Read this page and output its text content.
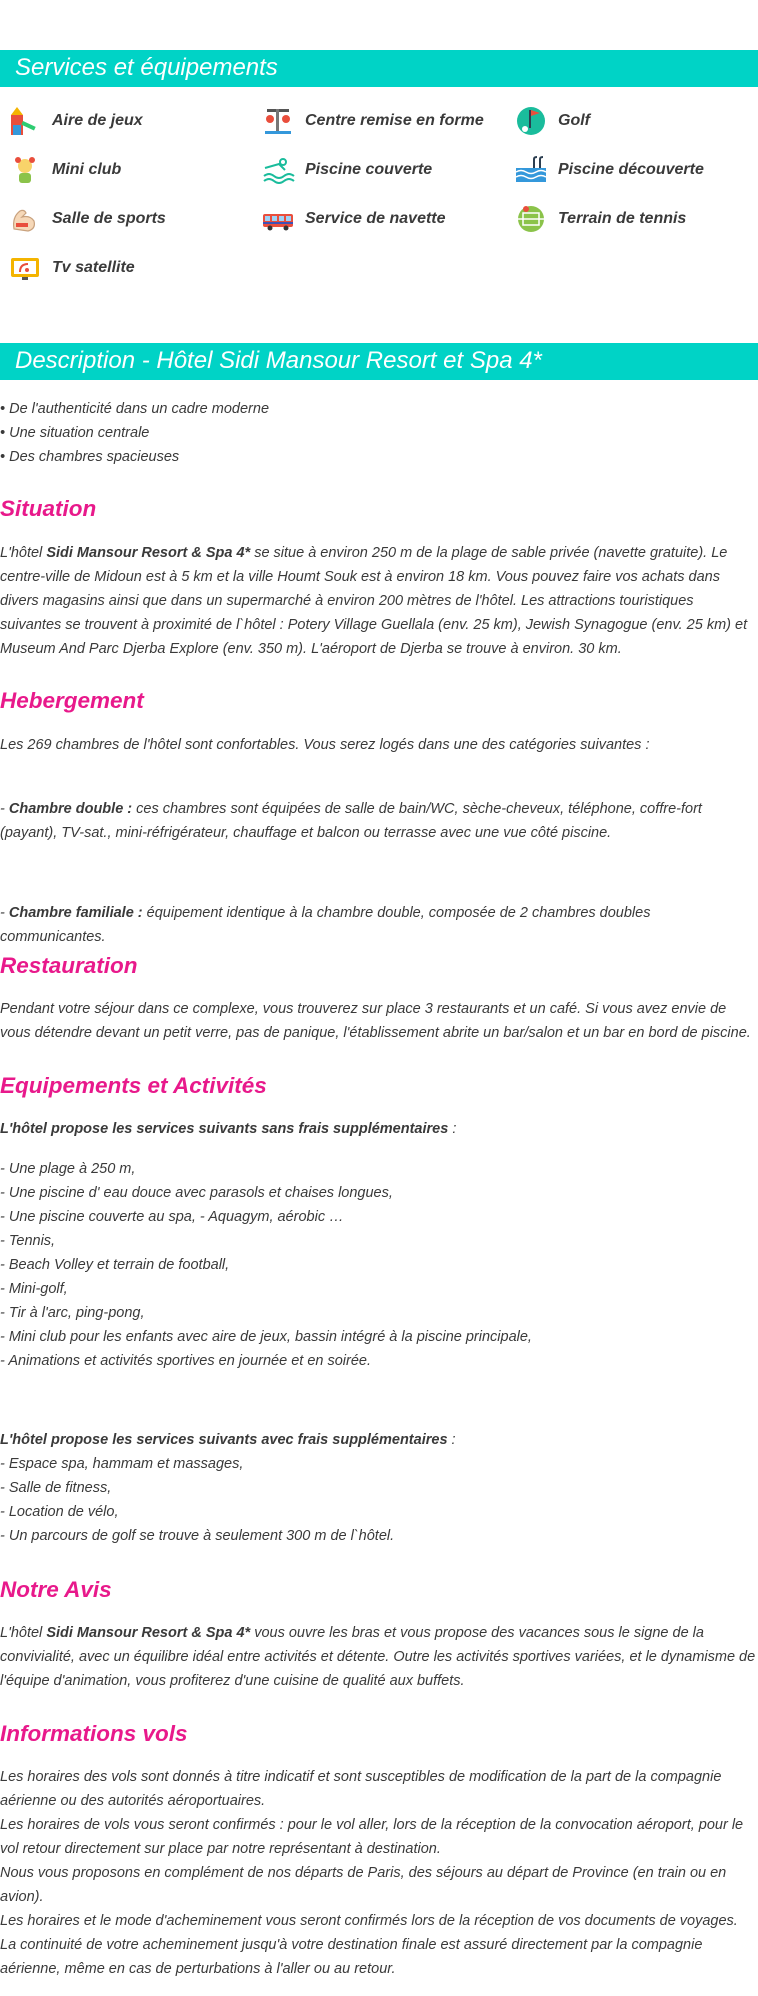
Services et équipements
Aire de jeux	Centre remise en forme	Golf
Mini club	Piscine couverte	Piscine découverte
Salle de sports	Service de navette	Terrain de tennis
Tv satellite
Description - Hôtel Sidi Mansour Resort et Spa 4*

• De l'authenticité dans un cadre moderne

• Une situation centrale

• Des chambres spacieuses

Situation

L'hôtel Sidi Mansour Resort & Spa 4* se situe à environ 250 m de la plage de sable privée (navette gratuite). Le centre-ville de Midoun est à 5 km et la ville Houmt Souk est à environ 18 km. Vous pouvez faire vos achats dans divers magasins ainsi que dans un supermarché à environ 200 mètres de l'hôtel. Les attractions touristiques suivantes se trouvent à proximité de l`hôtel : Potery Village Guellala (env. 25 km), Jewish Synagogue (env. 25 km) et Museum And Parc Djerba Explore (env. 350 m). L'aéroport de Djerba se trouve à environ. 30 km.

Hebergement
Les 269 chambres de l'hôtel sont confortables. Vous serez logés dans une des catégories suivantes :

- Chambre double : ces chambres sont équipées de salle de bain/WC, sèche-cheveux, téléphone, coffre-fort (payant), TV-sat., mini-réfrigérateur, chauffage et balcon ou terrasse avec une vue côté piscine.

- Chambre familiale : équipement identique à la chambre double, composée de 2 chambres doubles communicantes.

Restauration
Pendant votre séjour dans ce complexe, vous trouverez sur place 3 restaurants et un café. Si vous avez envie de vous détendre devant un petit verre, pas de panique, l'établissement abrite un bar/salon et un bar en bord de piscine.
Equipements et Activités

L'hôtel propose les services suivants sans frais supplémentaires :

- Une plage à 250 m,

- Une piscine d' eau douce avec parasols et chaises longues,

- Une piscine couverte au spa, - Aquagym, aérobic …

- Tennis,

- Beach Volley et terrain de football,

- Mini-golf,

- Tir à l'arc, ping-pong,

- Mini club pour les enfants avec aire de jeux, bassin intégré à la piscine principale,

- Animations et activités sportives en journée et en soirée.

L'hôtel propose les services suivants avec frais supplémentaires :

- Espace spa, hammam et massages,

- Salle de fitness,

- Location de vélo,

- Un parcours de golf se trouve à seulement 300 m de l`hôtel.

Notre Avis

L'hôtel Sidi Mansour Resort & Spa 4* vous ouvre les bras et vous propose des vacances sous le signe de la convivialité, avec un équilibre idéal entre activités et détente. Outre les activités sportives variées, et le dynamisme de l'équipe d'animation, vous profiterez d'une cuisine de qualité aux buffets.

Informations vols

Les horaires des vols sont donnés à titre indicatif et sont susceptibles de modification de la part de la compagnie aérienne ou des autorités aéroportuaires.

Les horaires de vols vous seront confirmés : pour le vol aller, lors de la réception de la convocation aéroport, pour le vol retour directement sur place par notre représentant à destination.

Nous vous proposons en complément de nos départs de Paris, des séjours au départ de Province (en train ou en avion).

Les horaires et le mode d'acheminement vous seront confirmés lors de la réception de vos documents de voyages.

La continuité de votre acheminement jusqu'à votre destination finale est assuré directement par la compagnie aérienne, même en cas de perturbations à l'aller ou au retour.
